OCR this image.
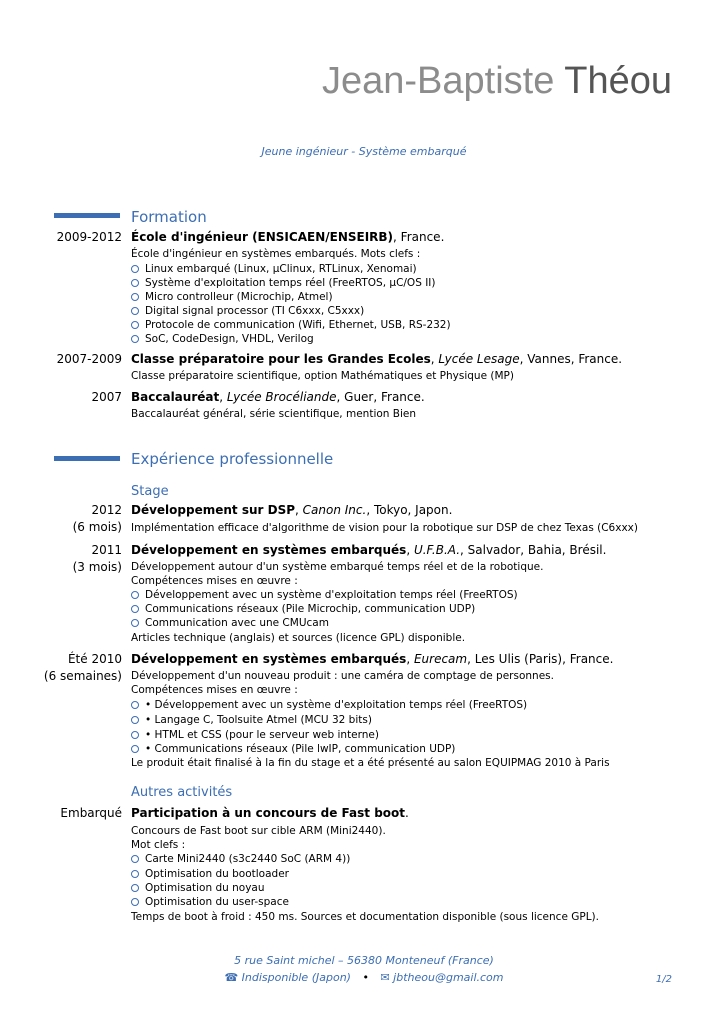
Jean-Baptiste Théou
Jeune ingénieur - Système embarqué
Formation
2009-2012 École d'ingénieur (ENSICAEN/ENSEIRB), France.
École d'ingénieur en systèmes embarqués. Mots clefs :
Linux embarqué (Linux, μClinux, RTLinux, Xenomai)
Système d'exploitation temps réel (FreeRTOS, μC/OS II)
Micro controlleur (Microchip, Atmel)
Digital signal processor (TI C6xxx, C5xxx)
Protocole de communication (Wifi, Ethernet, USB, RS-232)
SoC, CodeDesign, VHDL, Verilog
2007-2009 Classe préparatoire pour les Grandes Ecoles, Lycée Lesage, Vannes, France.
Classe préparatoire scientifique, option Mathématiques et Physique (MP)
2007 Baccalauréat, Lycée Brocéliande, Guer, France.
Baccalauréat général, série scientifique, mention Bien
Expérience professionnelle
Stage
2012
(6 mois)
Développement sur DSP, Canon Inc., Tokyo, Japon.
Implémentation efficace d'algorithme de vision pour la robotique sur DSP de chez Texas (C6xxx)
2011
(3 mois)
Développement en systèmes embarqués, U.F.B.A., Salvador, Bahia, Brésil.
Développement autour d'un système embarqué temps réel et de la robotique.
Compétences mises en œuvre :
Développement avec un système d'exploitation temps réel (FreeRTOS)
Communications réseaux (Pile Microchip, communication UDP)
Communication avec une CMUcam
Articles technique (anglais) et sources (licence GPL) disponible.
Été 2010
(6 semaines)
Développement en systèmes embarqués, Eurecam, Les Ulis (Paris), France.
Développement d'un nouveau produit : une caméra de comptage de personnes.
Compétences mises en œuvre :
• Développement avec un système d'exploitation temps réel (FreeRTOS)
• Langage C, Toolsuite Atmel (MCU 32 bits)
• HTML et CSS (pour le serveur web interne)
• Communications réseaux (Pile lwIP, communication UDP)
Le produit était finalisé à la fin du stage et a été présenté au salon EQUIPMAG 2010 à Paris
Autres activités
Embarqué Participation à un concours de Fast boot.
Concours de Fast boot sur cible ARM (Mini2440).
Mot clefs :
Carte Mini2440 (s3c2440 SoC (ARM 4))
Optimisation du bootloader
Optimisation du noyau
Optimisation du user-space
Temps de boot à froid : 450 ms. Sources et documentation disponible (sous licence GPL).
5 rue Saint michel – 56380 Monteneuf (France)
☎ Indisponible (Japon) • ✉ jbtheou@gmail.com	1/2
